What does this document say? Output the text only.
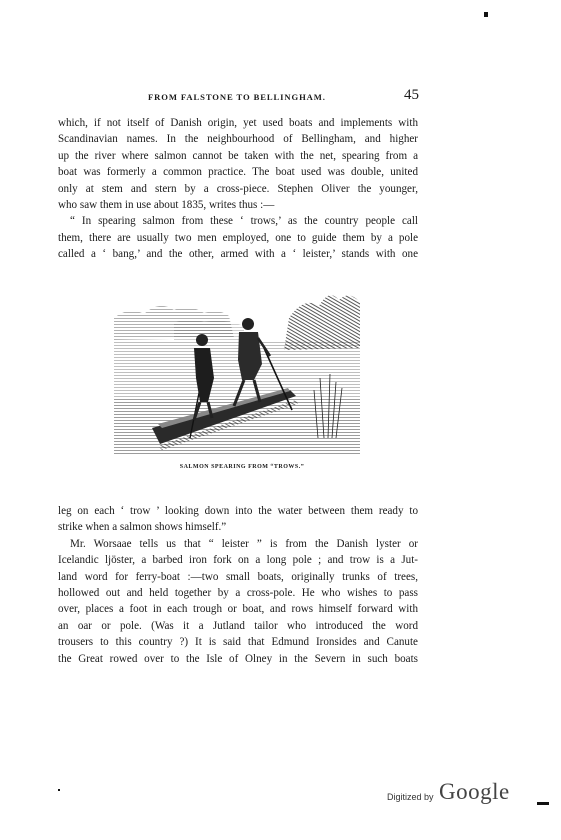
FROM FALSTONE TO BELLINGHAM.	45
which, if not itself of Danish origin, yet used boats and implements with
Scandinavian names. In the neighbourhood of Bellingham, and higher
up the river where salmon cannot be taken with the net, spearing from a
boat was formerly a common practice. The boat used was double, united
only at stem and stern by a cross-piece. Stephen Oliver the younger,
who saw them in use about 1835, writes thus :—
“ In spearing salmon from these ‘ trows,’ as the country people call
them, there are usually two men employed, one to guide them by a pole
called a ‘ bang,’ and the other, armed with a ‘ leister,’ stands with one
SALMON SPEARING FROM “TROWS.”
leg on each ‘ trow ’ looking down into the water between them ready to
strike when a salmon shows himself.”
Mr. Worsaae tells us that “ leister ” is from the Danish lyster or
Icelandic ljöster, a barbed iron fork on a long pole ; and trow is a Jut-
land word for ferry-boat :—two small boats, originally trunks of trees,
hollowed out and held together by a cross-pole. He who wishes to pass
over, places a foot in each trough or boat, and rows himself forward with
an oar or pole. (Was it a Jutland tailor who introduced the word
trousers to this country ?) It is said that Edmund Ironsides and Canute
the Great rowed over to the Isle of Olney in the Severn in such boats
Digitized by Google
